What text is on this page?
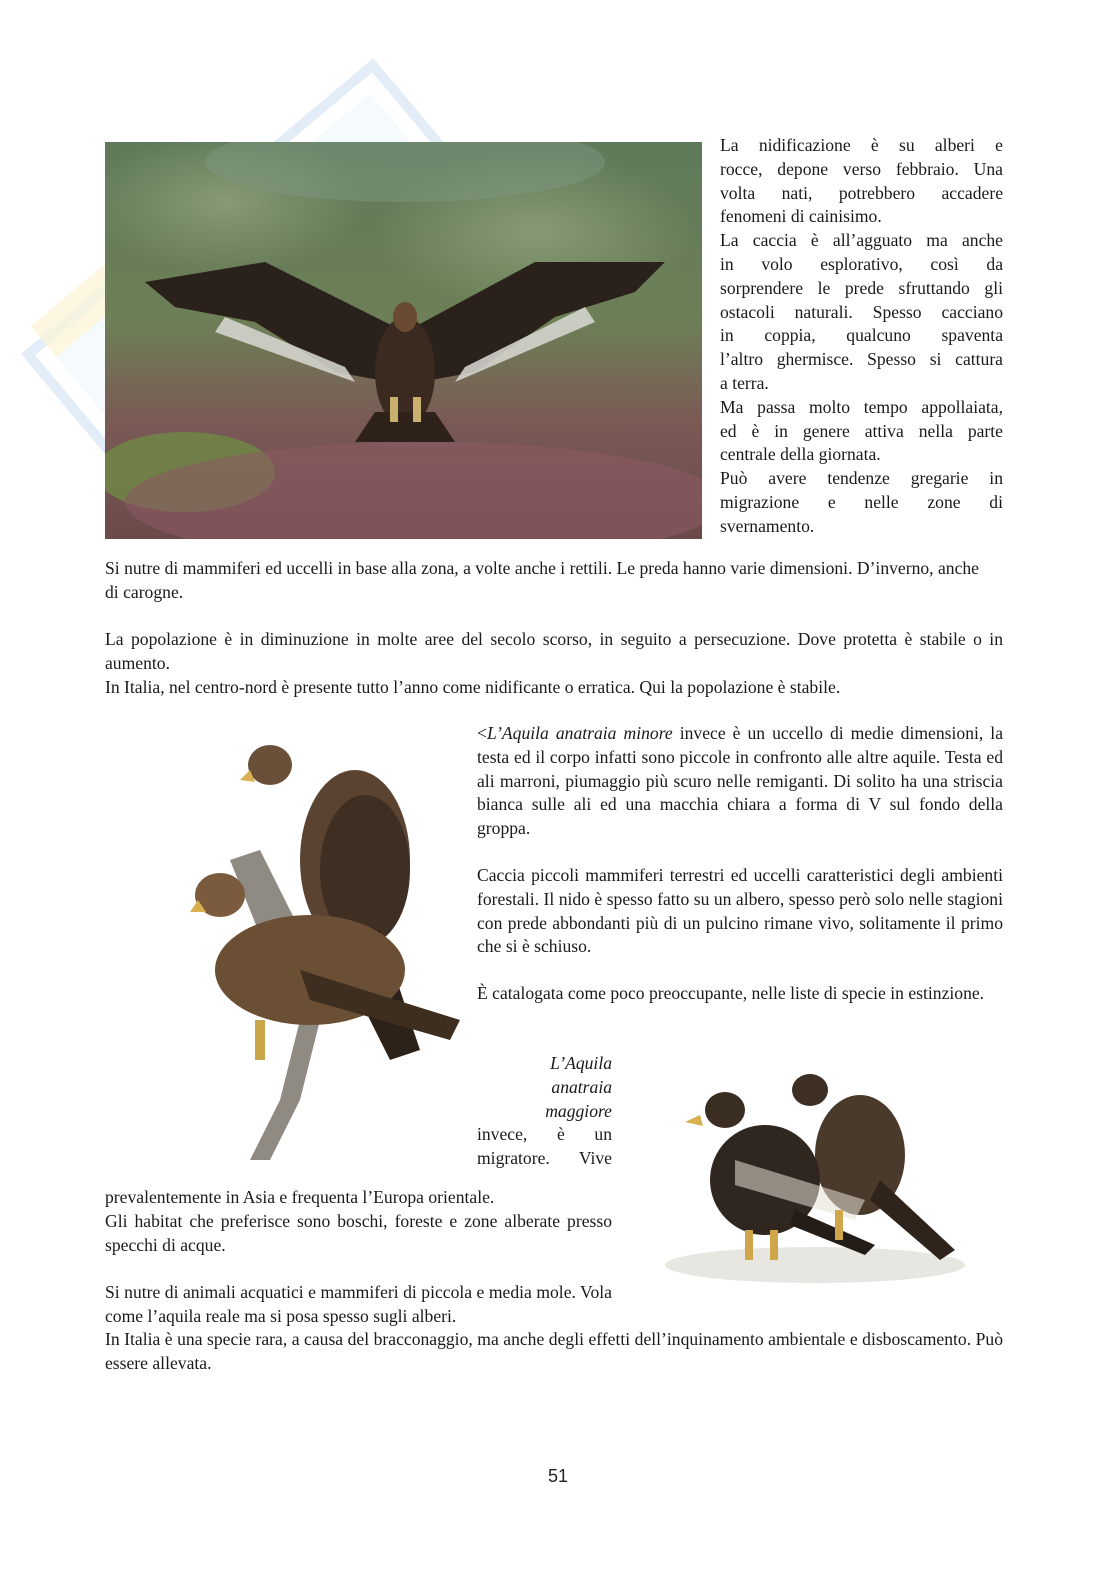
La nidificazione è su alberi e
rocce, depone verso febbraio. Una
volta nati, potrebbero accadere
fenomeni di cainisimo.
La caccia è all’agguato ma anche
in volo esplorativo, così da
sorprendere le prede sfruttando gli
ostacoli naturali. Spesso cacciano
in coppia, qualcuno spaventa
l’altro ghermisce. Spesso si cattura
a terra.
Ma passa molto tempo appollaiata,
ed è in genere attiva nella parte
centrale della giornata.
Può avere tendenze gregarie in
migrazione e nelle zone di
svernamento.
Si nutre di mammiferi ed uccelli in base alla zona, a volte anche i rettili. Le preda hanno varie dimensioni. D’inverno, anche di carogne.
La popolazione è in diminuzione in molte aree del secolo scorso, in seguito a persecuzione. Dove protetta è stabile o in aumento.
In Italia, nel centro-nord è presente tutto l’anno come nidificante o erratica. Qui la popolazione è stabile.
<L’Aquila anatraia minore invece è un uccello di medie dimensioni, la testa ed il corpo infatti sono piccole in confronto alle altre aquile. Testa ed ali marroni, piumaggio più scuro nelle remiganti. Di solito ha una striscia bianca sulle ali ed una macchia chiara a forma di V sul fondo della groppa.
Caccia piccoli mammiferi terrestri ed uccelli caratteristici degli ambienti forestali. Il nido è spesso fatto su un albero, spesso però solo nelle stagioni con prede abbondanti più di un pulcino rimane vivo, solitamente il primo che si è schiuso.
È catalogata come poco preoccupante, nelle liste di specie in estinzione.
L’Aquila
anatraia
maggiore
invece, è un
migratore. Vive
prevalentemente in Asia e frequenta l’Europa orientale.
Gli habitat che preferisce sono boschi, foreste e zone alberate presso specchi di acque.
Si nutre di animali acquatici e mammiferi di piccola e media mole. Vola come l’aquila reale ma si posa spesso sugli alberi.
In Italia è una specie rara, a causa del bracconaggio, ma anche degli effetti dell’inquinamento ambientale e disboscamento. Può essere allevata.
51
